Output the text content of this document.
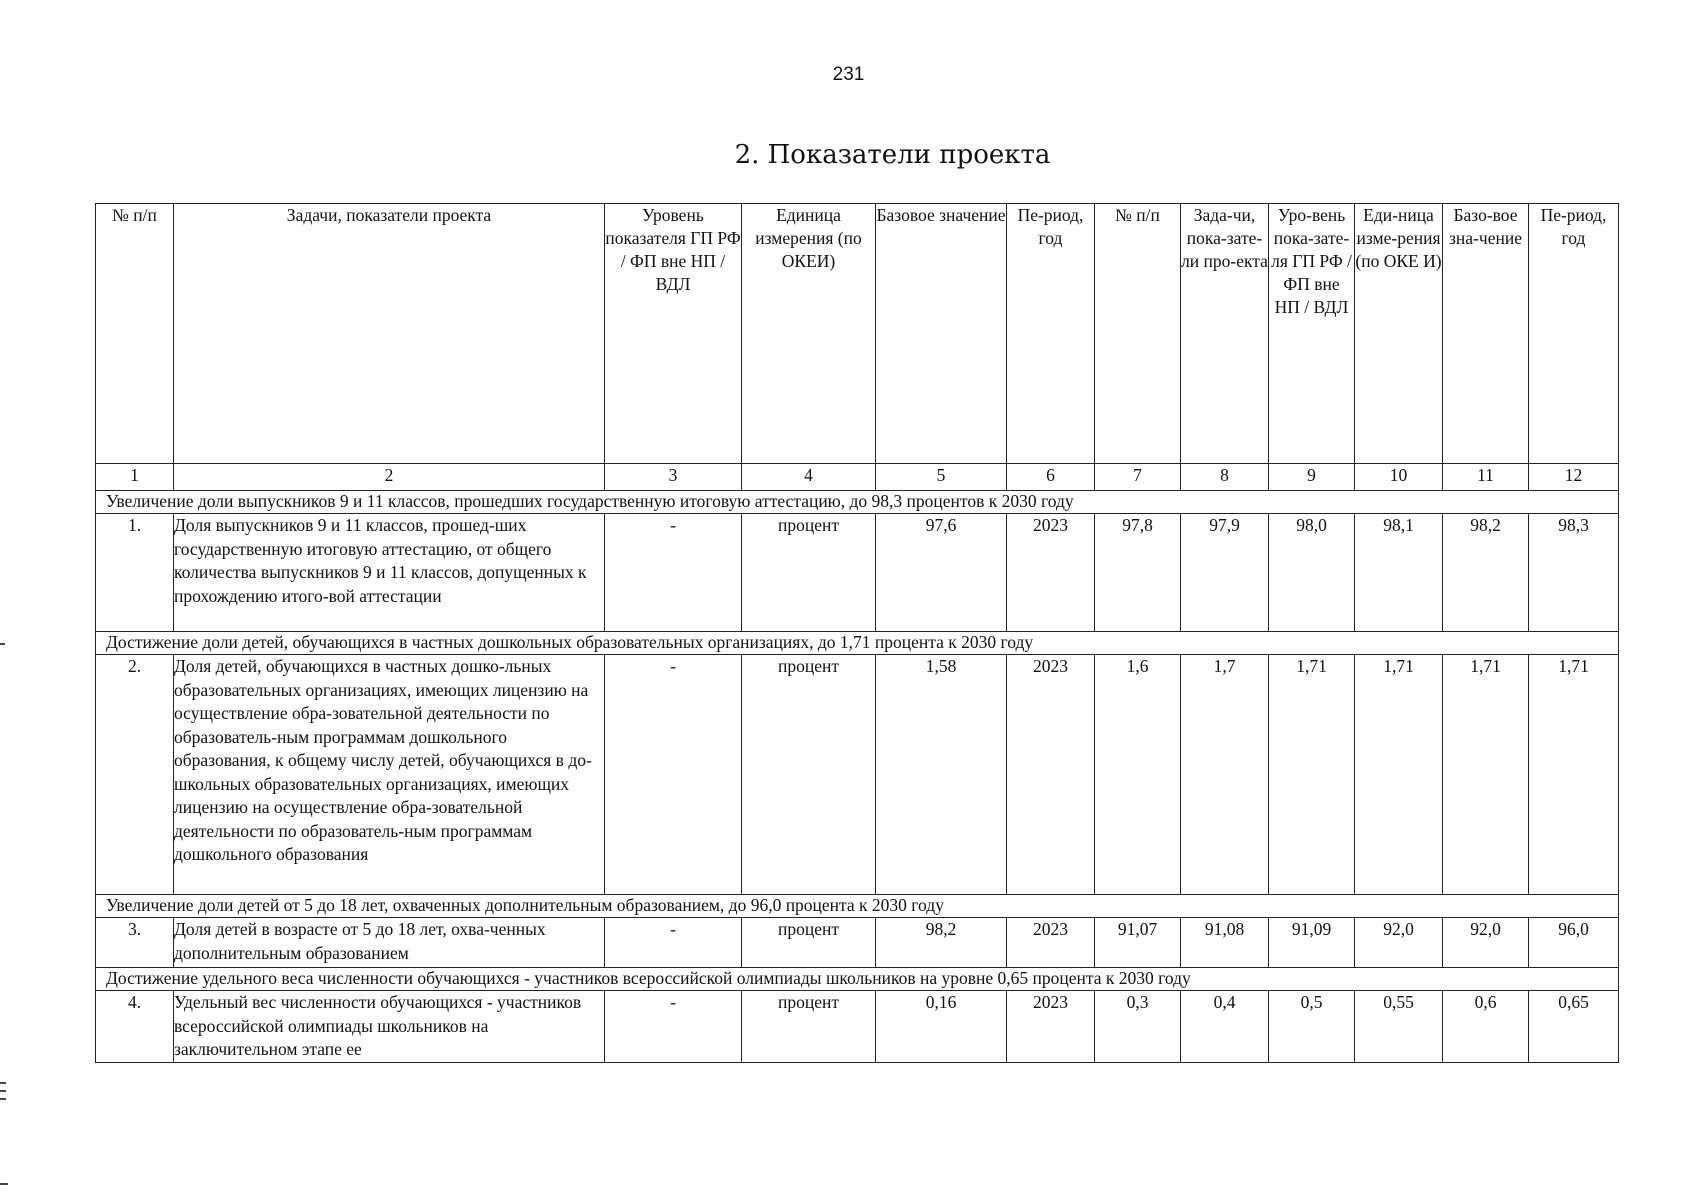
231
2. Показатели проекта
№ п/п	Задачи, показатели проекта	Уровень показателя ГП РФ / ФП вне НП / ВДЛ	Единица измерения (по ОКЕИ)	Базовое значение	Пе-риод, год	№ п/п	Зада-чи, пока-зате-ли про-екта	Уро-вень пока-зате-ля ГП РФ / ФП вне НП / ВДЛ	Еди-ница изме-рения (по ОКЕ И)	Базо-вое зна-чение	Пе-риод, год
1	2	3	4	5	6	7	8	9	10	11	12
Увеличение доли выпускников 9 и 11 классов, прошедших государственную итоговую аттестацию, до 98,3 процентов к 2030 году											
1.	Доля выпускников 9 и 11 классов, прошед-ших государственную итоговую аттестацию, от общего количества выпускников 9 и 11 классов, допущенных к прохождению итого-вой аттестации	-	процент	97,6	2023	97,8	97,9	98,0	98,1	98,2	98,3
Достижение доли детей, обучающихся в частных дошкольных образовательных организациях, до 1,71 процента к 2030 году											
2.	Доля детей, обучающихся в частных дошко-льных образовательных организациях, имеющих лицензию на осуществление обра-зовательной деятельности по образователь-ным программам дошкольного образования, к общему числу детей, обучающихся в до-школьных образовательных организациях, имеющих лицензию на осуществление обра-зовательной деятельности по образователь-ным программам дошкольного образования	-	процент	1,58	2023	1,6	1,7	1,71	1,71	1,71	1,71
Увеличение доли детей от 5 до 18 лет, охваченных дополнительным образованием, до 96,0 процента к 2030 году											
3.	Доля детей в возрасте от 5 до 18 лет, охва-ченных дополнительным образованием	-	процент	98,2	2023	91,07	91,08	91,09	92,0	92,0	96,0
Достижение удельного веса численности обучающихся - участников всероссийской олимпиады школьников на уровне 0,65 процента к 2030 году											
4.	Удельный вес численности обучающихся - участников всероссийской олимпиады школьников на заключительном этапе ее	-	процент	0,16	2023	0,3	0,4	0,5	0,55	0,6	0,65
